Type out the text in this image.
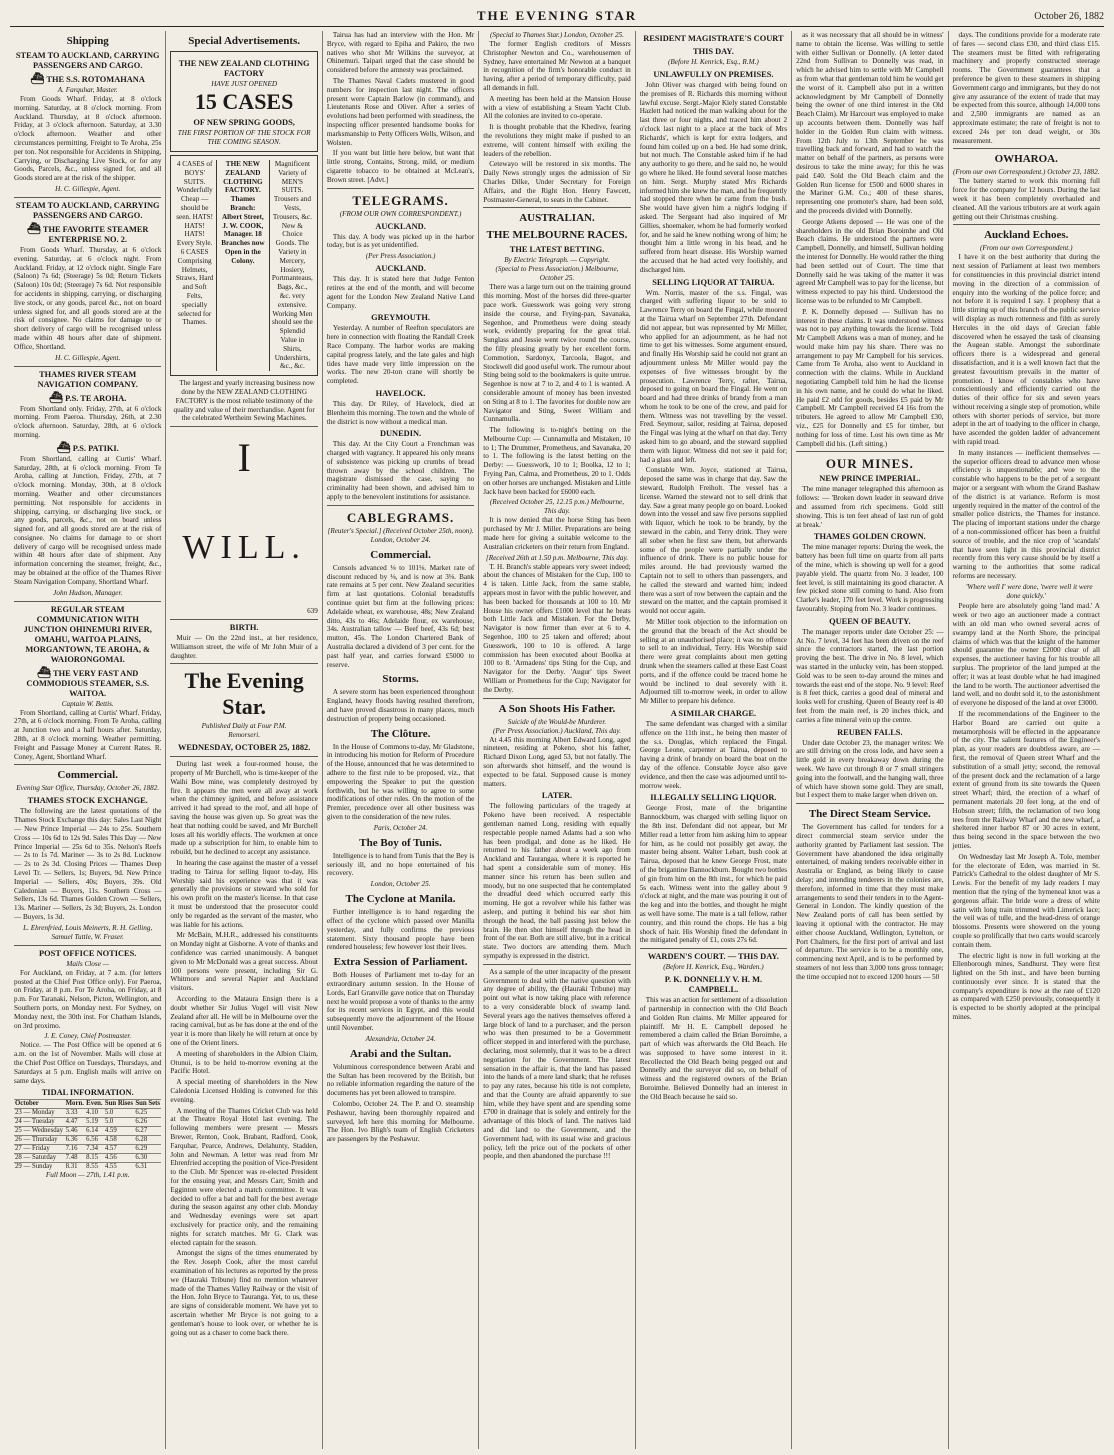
THE EVENING STAR	October 26, 1882
Shipping
STEAM TO AUCKLAND, CARRYING PASSENGERS AND CARGO.
⛴ THE S.S. ROTOMAHANA
A. Farquhar, Master.

From Goods Wharf. Friday, at 8 o'clock morning. Saturday, at 8 o'clock morning. From Auckland. Thursday, at 8 o'clock afternoon. Friday, at 3 o'clock afternoon. Saturday, at 3.30 o'clock afternoon. Weather and other circumstances permitting. Freight to Te Aroha, 25s per ton. Not responsible for Accidents in Shipping, Carrying, or Discharging Live Stock, or for any Goods, Parcels, &c., unless signed for, and all Goods stored are at the risk of the shipper.

H. C. Gillespie, Agent.
STEAM TO AUCKLAND, CARRYING PASSENGERS AND CARGO.
⛴ THE FAVORITE STEAMER ENTERPRISE NO. 2.

From Goods Wharf. Thursday, at 6 o'clock evening. Saturday, at 6 o'clock night. From Auckland. Friday, at 12 o'clock night. Single Fare (Saloon) 7s 6d; (Steerage) 5s 0d; Return Tickets (Saloon) 10s 0d; (Steerage) 7s 6d. Not responsible for accidents in shipping, carrying, or discharging live stock, or any goods, parcel &c., not on board unless signed for, and all goods stored are at the risk of consignee. No claims for damage to or short delivery of cargo will be recognised unless made within 48 hours after date of shipment. Office, Shortland.

H. C. Gillespie, Agent.
THAMES RIVER STEAM NAVIGATION COMPANY.
⛴ P.S. TE AROHA.

From Shortland only. Friday, 27th, at 6 o'clock morning. From Paeroa. Thursday, 26th, at 2.30 o'clock afternoon. Saturday, 28th, at 6 o'clock morning.

⛴ P.S. PATIKI.

From Shortland, calling at Curtis' Wharf. Saturday, 28th, at 6 o'clock morning. From Te Aroha, calling at Junction, Friday, 27th, at 7 o'clock morning. Monday, 30th, at 8 o'clock morning. Weather and other circumstances permitting. Not responsible for accidents in shipping, carrying, or discharging live stock, or any goods, parcels, &c., not on board unless signed for, and all goods stored are at the risk of consignee. No claims for damage to or short delivery of cargo will be recognised unless made within 48 hours after date of shipment. Any information concerning the steamer, freight, &c., may be obtained at the office of the Thames River Steam Navigation Company, Shortland Wharf.

John Hudson, Manager.
REGULAR STEAM COMMUNICATION WITH JUNCTION OHINEMURI RIVER, OMAHU, WAITOA PLAINS, MORGANTOWN, TE AROHA, & WAIORONGOMAI.
⛴ THE VERY FAST AND COMMODIOUS STEAMER, S.S. WAITOA.
Captain W. Bettis.

From Shortland, calling at Curtis' Wharf. Friday, 27th, at 6 o'clock morning. From Te Aroha, calling at Junction two and a half hours after. Saturday, 28th, at 8 o'clock morning. Weather permitting. Freight and Passage Money at Current Rates. R. Coney, Agent, Shortland Wharf.

Commercial.
Evening Star Office, Thursday, October 26, 1882.
THAMES STOCK EXCHANGE.

The following are the latest quotations of the Thames Stock Exchange this day: Sales Last Night — New Prince Imperial — 24s to 25s. Southern Cross — 10s 6d to 12s 9d. Sales This Day — New Prince Imperial — 25s 6d to 35s. Nelson's Reefs — 2s to 1s 7d. Mariner — 3s to 2s 8d. Lucknow — 2s to 2s 3d. Closing Prices — Thames Deep Level Tr. — Sellers, 1s; Buyers, 9d. New Prince Imperial — Sellers, 40s; Buyers, 39s. Old Caledonian — Buyers, 11s. Southern Cross — Sellers, 13s 6d. Thames Golden Crown — Sellers, 13s. Mariner — Sellers, 2s 3d; Buyers, 2s. London — Buyers, 1s 3d.

L. Ehrenfried, Louis Meinerts, R. H. Gelling, Samuel Tuttle, W. Fraser.
POST OFFICE NOTICES.
Mails Close —

For Auckland, on Friday, at 7 a.m. (for letters posted at the Chief Post Office only). For Paeroa, on Friday, at 8 p.m. For Te Aroha, on Friday, at 8 p.m. For Taranaki, Nelson, Picton, Wellington, and Southern ports, on Monday next. For Sydney, on Monday next, the 30th inst. For Chatham Islands, on 3rd proximo.

J. E. Coney, Chief Postmaster.

Notice. — The Post Office will be opened at 6 a.m. on the 1st of November. Mails will close at the Chief Post Office on Tuesdays, Thursdays, and Saturdays at 5 p.m. English mails will arrive on same days.

TIDAL INFORMATION.
October	Morn.	Even.	Sun Rises	Sun Sets
23 — Monday	3.33	4.10	5.0	6.25
24 — Tuesday	4.47	5.19	5.0	6.26
25 — Wednesday	5.46	6.14	4.59	6.27
26 — Thursday	6.36	6.56	4.58	6.28
27 — Friday	7.16	7.34	4.57	6.29
28 — Saturday	7.48	8.15	4.56	6.30
29 — Sunday	8.31	8.55	4.55	6.31
Full Moon — 27th, 1.41 p.m.
Special Advertisements.
THE NEW ZEALAND CLOTHING FACTORY
HAVE JUST OPENED
15 CASES
OF NEW SPRING GOODS,
THE FIRST PORTION OF THE STOCK FOR THE COMING SEASON.
4 CASES of BOYS' SUITS. Wonderfully Cheap — should be seen. HATS! HATS! HATS! Every Style. 6 CASES Comprising Helmets, Straws, Hard and Soft Felts, specially selected for Thames.
THE NEW ZEALAND CLOTHING FACTORY. Thames Branch: Albert Street, J. W. COOK, Manager. 18 Branches now Open in the Colony.
Magnificent Variety of MEN'S SUITS. Trousers and Vests, Trousers, &c. New & Choice Goods. The Variety in Mercery, Hosiery, Portmanteaus, Bags, &c., &c. very extensive. Working Men should see the Splendid Value in Shirts, Undershirts, &c., &c.

The largest and yearly increasing business now done by the NEW ZEALAND CLOTHING FACTORY is the most reliable testimony of the quality and value of their merchandise. Agent for the celebrated Wertheim Sewing Machines.

I
WILL.
639
BIRTH.

Muir — On the 22nd inst., at her residence, Williamson street, the wife of Mr John Muir of a daughter.

The Evening Star.
Published Daily at Four P.M.
Remorseri.
WEDNESDAY, OCTOBER 25, 1882.

During last week a four-roomed house, the property of Mr Burchell, who is time-keeper of the Waihi Bow mine, was completely destroyed by fire. It appears the men were all away at work when the chimney ignited, and before assistance arrived it had spread to the roof, and all hope of saving the house was given up. So great was the heat that nothing could be saved, and Mr Burchell loses all his worldly effects. The workmen at once made up a subscription for him, to enable him to rebuild, but he declined to accept any assistance.

In hearing the case against the master of a vessel trading to Tairua for selling liquor to-day, His Worship said his experience was that it was generally the provisions or steward who sold for his own profit on the master's license. In that case it must be understood that the prosecutor could only be regarded as the servant of the master, who was liable for his actions.

Mr McBain, M.H.R., addressed his constituents on Monday night at Gisborne. A vote of thanks and confidence was carried unanimously. A banquet given to Mr McDonald was a great success. About 100 persons were present, including Sir G. Whitmore and several Napier and Auckland visitors.

According to the Mataura Ensign there is a doubt whether Sir Julius Vogel will visit New Zealand after all. He will be in Melbourne over the racing carnival, but as he has done at the end of the year it is more than likely he will return at once by one of the Orient liners.

A meeting of shareholders in the Albion Claim, Otunui, is to be held to-morrow evening at the Pacific Hotel.

A special meeting of shareholders in the New Caledonia Licensed Holding is convened for this evening.

A meeting of the Thames Cricket Club was held at the Theatre Royal Hotel last evening. The following members were present — Messrs Brewer, Renton, Cook, Brabant, Radford, Cook, Farquhar, Pearce, Andrews, Delahunty, Stadden, John and Newman. A letter was read from Mr Ehrenfried accepting the position of Vice-President to the Club. Mr Spencer was re-elected President for the ensuing year, and Messrs Carr, Smith and Egginton were elected a match committee. It was decided to offer a bat and ball for the best average during the season against any other club. Monday and Wednesday evenings were set apart exclusively for practice only, and the remaining nights for scratch matches. Mr G. Clark was elected captain for the season.

Amongst the signs of the times enumerated by the Rev. Joseph Cook, after the most careful examination of his lectures as reported by the press we (Hauraki Tribune) find no mention whatever made of the Thames Valley Railway or the visit of the Hon. John Bryce to Tauranga. Yet, to us, these are signs of considerable moment. We have yet to ascertain whether Mr Bryce is not going to a gentleman's house to look over, or whether he is going out as a chaser to come back there.

Tairua has had an interview with the Hon. Mr Bryce, with regard to Epiha and Pakiro, the two natives who shot Mr Wilkins the surveyor, at Ohinemuri. Taipari urged that the case should be considered before the amnesty was proclaimed.

The Thames Naval Cadets mustered in good numbers for inspection last night. The officers present were Captain Barlow (in command), and Lieutenants Rose and Oliver. After a series of evolutions had been performed with steadiness, the inspecting officer presented handsome books for marksmanship to Petty Officers Wells, Wilson, and Wolsten.

If you want but little here below, but want that little strong, Contains, Strong, mild, or medium cigarette tobacco to be obtained at McLean's, Brown street. [Advt.]

TELEGRAMS.
(FROM OUR OWN CORRESPONDENT.)
AUCKLAND.

This day. A body was picked up in the harbor today, but is as yet unidentified.

(Per Press Association.)
AUCKLAND.

This day. It is stated here that Judge Fenton retires at the end of the month, and will become agent for the London New Zealand Native Land Company.

GREYMOUTH.

Yesterday. A number of Reefton speculators are here in connection with floating the Randall Creek Race Company. The harbor works are making capital progress lately, and the late gales and high tides have made very little impression on the works. The new 20-ton crane will shortly be completed.

HAVELOCK.

This day. Dr Riley, of Havelock, died at Blenheim this morning. The town and the whole of the district is now without a medical man.

DUNEDIN.

This day. At the City Court a Frenchman was charged with vagrancy. It appeared his only means of subsistence was picking up crumbs of bread thrown away by the school children. The magistrate dismissed the case, saying no criminality had been shown, and advised him to apply to the benevolent institutions for assistance.

CABLEGRAMS.
[Reuter's Special.] (Received October 25th, noon). London, October 24.
Commercial.

Consols advanced ⅛ to 101⅛. Market rate of discount reduced by ⅛, and is now at 3⅛. Bank rate remains at 5 per cent. New Zealand securities firm at last quotations. Colonial breadstuffs continue quiet but firm at the following prices: Adelaide wheat, ex warehouse, 48s; New Zealand ditto, 43s to 46s; Adelaide flour, ex warehouse, 34s. Australian tallow — Beef beef, 43s 6d; best mutton, 45s. The London Chartered Bank of Australia declared a dividend of 3 per cent. for the past half year, and carries forward £5000 to reserve.

Storms.

A severe storm has been experienced throughout England, heavy floods having resulted therefrom, and have proved disastrous in many places, much destruction of property being occasioned.

The Clôture.

In the House of Commons to-day, Mr Gladstone, in introducing his motion for Reform of Procedure of the House, announced that he was determined to adhere to the first rule to be proposed, viz., that empowering the Speaker to put the question forthwith, but he was willing to agree to some modifications of other rules. On the motion of the Premier, precedence over all other business was given to the consideration of the new rules.

Paris, October 24.
The Boy of Tunis.

Intelligence is to hand from Tunis that the Bey is seriously ill, and no hope entertained of his recovery.

London, October 25.
The Cyclone at Manila.

Further intelligence is to hand regarding the effect of the cyclone which passed over Manilla yesterday, and fully confirms the previous statement. Sixty thousand people have been rendered houseless; few however lost their lives.

Extra Session of Parliament.

Both Houses of Parliament met to-day for an extraordinary autumn session. In the House of Lords, Earl Granville gave notice that on Thursday next he would propose a vote of thanks to the army for its recent services in Egypt, and this would subsequently move the adjournment of the House until November.

Alexandria, October 24.
Arabi and the Sultan.

Voluminous correspondence between Arabi and the Sultan has been recovered by the British, but no reliable information regarding the nature of the documents has yet been allowed to transpire.

Colombo, October 24. The P. and O. steamship Peshawur, having been thoroughly repaired and surveyed, left here this morning for Melbourne. The Hon. Ivo Bligh's team of English Cricketers are passengers by the Peshawur.

(Special to Thames Star.) London, October 25.

The former English creditors of Messrs Christopher Newton and Co., warehousemen of Sydney, have entertained Mr Newton at a banquet in recognition of the firm's honorable conduct in having, after a period of temporary difficulty, paid all demands in full.

A meeting has been held at the Mansion House with a view of establishing a Steam Yacht Club. All the colonies are invited to co-operate.

It is thought probable that the Khedive, fearing the revolutions they might make if pushed to an extreme, will content himself with exiling the leaders of the rebellion.

Cetewayo will be restored in six months. The Daily News strongly urges the admission of Sir Charles Dilke, Under Secretary for Foreign Affairs, and the Right Hon. Henry Fawcett, Postmaster-General, to seats in the Cabinet.

AUSTRALIAN.
THE MELBOURNE RACES.
THE LATEST BETTING.
By Electric Telegraph. — Copyright.
(Special to Press Association.) Melbourne, October 25.

There was a large turn out on the training ground this morning. Most of the horses did three-quarter pace work. Guesswork was going very strong inside the course, and Frying-pan, Savanaka, Segenhoe, and Prometheus were doing steady work, evidently preparing for the great trial. Sunglass and Jessie went twice round the course, the filly pleasing greatly by her excellent form. Commotion, Sardonyx, Tarcoola, Bagot, and Stockwell did good useful work. The rumour about Sting being sold to the bookmakers is quite untrue. Segenhoe is now at 7 to 2, and 4 to 1 is wanted. A considerable amount of money has been invested on Sting at 8 to 1. The favorites for double now are Navigator and Sting, Sweet William and Cunnamulla.

The following is to-night's betting on the Melbourne Cup: — Cunnamulla and Mistaken, 10 to 1; The Drummer, Prometheus, and Savanaka, 20 to 1. The following is the latest betting on the Derby: — Guesswork, 10 to 1; Boolka, 12 to 1; Frying Pan, Calma, and Prometheus, 20 to 1. Odds on other horses are unchanged. Mistaken and Little Jack have been backed for £6000 each.

(Received October 25, 12.15 p.m.) Melbourne, This day.

It is now denied that the horse Sting has been purchased by Mr J. Miller. Preparations are being made here for giving a suitable welcome to the Australian cricketers on their return from England.

[Received 26th at 1.50 p.m. Melbourne, This day.

T. H. Branch's stable appears very sweet indeed; about the chances of Mistaken for the Cup, 100 to 4 is taken. Little Jack, from the same stable, appears most in favor with the public however, and has been backed for thousands at 100 to 10. Mr House his owner offers £1000 level that he beats both Little Jack and Mistaken. For the Derby, Navigator is now firmer than ever at 6 to 4. Segenhoe, 100 to 25 taken and offered; about Guesswork, 100 to 10 is offered. A large commission has been executed about Boolka at 100 to 8. 'Armadens' tips Sting for the Cup, and Navigator for the Derby. 'Augur' tips Sweet William or Prometheus for the Cup; Navigator for the Derby.

A Son Shoots His Father.
Suicide of the Would-be Murderer.
(Per Press Association.) Auckland, This day.

At 4.45 this morning Albert Edward Long, aged nineteen, residing at Pokeno, shot his father, Richard Dixon Long, aged 53, but not fatally. The son afterwards shot himself, and the wound is expected to be fatal. Supposed cause is money matters.

LATER.

The following particulars of the tragedy at Pokeno have been received. A respectable gentleman named Long, residing with equally respectable people named Adams had a son who has been prodigal, and done as he liked. He returned to his father about a week ago from Auckland and Taurangaa, where it is reported he had spent a considerable sum of money. His manner since his return has been sullen and moody, but no one suspected that he contemplated the dreadful deed which occurred early this morning. He got a revolver while his father was asleep, and putting it behind his ear shot him through the head, the ball passing just below the brain. He then shot himself through the head in front of the ear. Both are still alive, but in a critical state. Two doctors are attending them. Much sympathy is expressed in the district.

As a sample of the utter incapacity of the present Government to deal with the native question with any degree of ability, the (Hauraki Tribune) may point out what is now taking place with reference to a very considerable block of swamp land. Several years ago the natives themselves offered a large block of land to a purchaser, and the person who was then presumed to be a Government officer stepped in and interfered with the purchase, declaring, most solemnly, that it was to be a direct negotiation for the Government. The latest sensation in the affair is, that the land has passed into the hands of a mere land shark; that he refuses to pay any rates, because his title is not complete, and that the County are afraid apparently to sue him, while they have spent and are spending some £700 in drainage that is solely and entirely for the advantage of this block of land. The natives laid and did land to the Government, and the Government had, with its usual wise and gracious policy, left the price out of the pockets of other people, and then abandoned the purchase !!!

RESIDENT MAGISTRATE'S COURT
THIS DAY.
(Before H. Kenrick, Esq., R.M.)
UNLAWFULLY ON PREMISES.

John Oliver was charged with being found on the premises of R. Richards this morning without lawful excuse. Sergt.-Major Kiely stated Constable Hazlett had noticed the man walking about for the last three or four nights, and traced him about 2 o'clock last night to a place at the back of Mrs Richards', which is kept for extra lodgers, and found him coiled up on a bed. He had some drink, but not much. The Constable asked him if he had any authority to go there, and he said no, he would go where he liked. He found several loose matches on him. Sergt. Murphy stated Mrs Richards informed him she knew the man, and he frequently had stopped there when he came from the bush. She would have given him a night's lodging if asked. The Sergeant had also inquired of Mr Gillies, shoemaker, whom he had formerly worked for, and he said he knew nothing wrong of him; he thought him a little wrong in his head, and he suffered from heart disease. His Worship warned the accused that he had acted very foolishly, and discharged him.

SELLING LIQUOR AT TAIRUA.

Wm. Norris, master of the s.s. Fingal, was charged with suffering liquor to be sold to Lawrence Terry on board the Fingal, while moored at the Tairua wharf on September 27th. Defendant did not appear, but was represented by Mr Miller, who applied for an adjournment, as he had not time to get his witnesses. Some argument ensued, and finally His Worship said he could not grant an adjournment unless Mr Miller would pay the expenses of five witnesses brought by the prosecution. Lawrence Terry, rafter, Tairua, deposed to going on board the Fingal. He went on board and had three drinks of brandy from a man whom he took to be one of the crew, and paid for them. Witness was not travelling by the vessel. Fred. Seymour, sailor, residing at Tairua, deposed the Fingal was lying at the wharf on that day. Terry asked him to go aboard, and the steward supplied them with liquor. Witness did not see it paid for; had a glass and left.

Constable Wm. Joyce, stationed at Tairua, deposed the same was in charge that day. Saw the steward, Rudolph Freiholt. The vessel has a license. Warned the steward not to sell drink that day. Saw a great many people go on board. Looked down into the vessel and saw five persons supplied with liquor, which he took to be brandy, by the steward in the cabin, and Terry drink. They were all sober when he first saw them, but afterwards some of the people were partially under the influence of drink. There is no public house for miles around. He had previously warned the Captain not to sell to others than passengers, and he called the steward and warned him; indeed there was a sort of row between the captain and the steward on the matter, and the captain promised it would not occur again.

Mr Miller took objection to the information on the ground that the breach of the Act should be selling at an unauthorised place; it was no offence to sell to an individual, Terry. His Worship said there were great complaints about men getting drunk when the steamers called at these East Coast ports, and if the offence could be traced home he would be inclined to deal severely with it. Adjourned till to-morrow week, in order to allow Mr Miller to prepare his defence.

A SIMILAR CHARGE.

The same defendant was charged with a similar offence on the 11th inst., he being then master of the s.s. Douglas, which replaced the Fingal. George Leone, carpenter at Tairua, deposed to having a drink of brandy on board the boat on the day of the offence. Constable Joyce also gave evidence, and then the case was adjourned until to-morrow week.

ILLEGALLY SELLING LIQUOR.

George Frost, mate of the brigantine Bannockburn, was charged with selling liquor on the 8th inst. Defendant did not appear, but Mr Miller read a letter from him asking him to appear for him, as he could not possibly get away, the master being absent. Walter Lebart, bush cook at Tairua, deposed that he knew George Frost, mate of the brigantine Bannockburn. Bought two bottles of gin from him on the 8th inst., for which he paid 5s each. Witness went into the galley about 9 o'clock at night, and the mate was pouring it out of the keg and into the bottles, and thought he might as well have some. The mate is a tall fellow, rather country, and thin round the chops. He has a big shock of hair. His Worship fined the defendant in the mitigated penalty of £1, costs 27s 6d.

WARDEN'S COURT. — THIS DAY.
(Before H. Kenrick, Esq., Warden.)
P. K. DONNELLY V. H. M. CAMPBELL.

This was an action for settlement of a dissolution of partnership in connection with the Old Beach and Golden Run claims. Mr Miller appeared for plaintiff. Mr H. E. Campbell deposed he remembered a claim called the Brian Boroimhe, a part of which was afterwards the Old Beach. He was supposed to have some interest in it. Recollected the Old Beach being pegged out and Donnelly and the surveyor did so, on behalf of witness and the registered owners of the Brian Boroimhe. Believed Donnelly had an interest in the Old Beach because he said so.

as it was necessary that all should be in witness' name to obtain the license. Was willing to settle with either Sullivan or Donnelly. (A letter dated 22nd from Sullivan to Donnelly was read, in which he advised him to settle with Mr Campbell as from what that gentleman told him he would get the worst of it. Campbell also put in a written acknowledgment by Mr Campbell of Donnelly being the owner of one third interest in the Old Beach Claim). Mr Harcourt was employed to make up accounts between them. Donnelly was half holder in the Golden Run claim with witness. From 12th July to 13th September he was travelling back and forward, and had to watch the matter on behalf of the partners, as persons were desirous to take the mine away; for this he was paid £40. Sold the Old Beach claim and the Golden Run license for £500 and 6000 shares in the Mariner G.M. Co.; 400 of these shares, representing one promoter's share, had been sold, and the proceeds divided with Donnelly.

George Atkens deposed — He was one of the shareholders in the old Brian Boroimhe and Old Beach claims. He understood the partners were Campbell, Donnelly, and himself, Sullivan holding the interest for Donnelly. He would rather the thing had been settled out of Court. The time that Donnelly said he was taking of the matter it was agreed Mr Campbell was to pay for the license, but witness expected to pay his third. Understood the license was to be refunded to Mr Campbell.

P. K. Donnelly deposed — Sullivan has no interest in these claims. It was understood witness was not to pay anything towards the license. Told Mr Campbell Atkens was a man of money, and he would make him pay his share. There was no arrangement to pay Mr Campbell for his services. Came from Te Aroha, also went to Auckland in connection with the claims. While in Auckland negotiating Campbell told him he had the license in his own name, and he could do what he liked. He paid £2 odd for goods, besides £5 paid by Mr Campbell. Mr Campbell received £4 16s from the tributers. He agreed to allow Mr Campbell £30, viz., £25 for Donnelly and £5 for timber, but nothing for loss of time. Lost his own time as Mr Campbell did his. (Left sitting.)

OUR MINES.
NEW PRINCE IMPERIAL.

The mine manager telegraphed this afternoon as follows: — 'Broken down leader in seaward drive and assumed from rich specimens. Gold still showing. This is ten feet ahead of last run of gold at break.'

THAMES GOLDEN CROWN.

The mine manager reports: During the week, the battery has been full time on quartz from all parts of the mine, which is showing up well for a good payable yield. The quartz from No. 3 leader, 100 feet level, is still maintaining its good character. A few picked stone still coming to hand. Also from Clarke's leader, 170 feet level. Work is progressing favourably. Stoping from No. 3 leader continues.

QUEEN OF BEAUTY.

The manager reports under date October 25: — At No. 7 level, 34 feet has been driven on the reef since the contractors started, the last portion proving the best. The drive in No. 8 level, which was started in the unlucky vein, has been stopped. Gold was to be seen to-day around the mines and towards the east end of the stope. No. 9 level: Reef is 8 feet thick, carries a good deal of mineral and looks well for crushing. Queen of Beauty reef is 40 feet from the main reef, is 20 inches thick, and carries a fine mineral vein up the centre.

REUBEN FALLS.

Under date October 23, the manager writes: We are still driving on the cross lode, and have seen a little gold in every breakaway down during the week. We have cut through 8 or 7 small stringers going into the footwall, and the hanging wall, three of which have shown some gold. They are small, but I expect them to make larger when driven on.

The Direct Steam Service.

The Government has called for tenders for a direct commercial steam service under the authority granted by Parliament last session. The Government have abandoned the idea originally entertained, of making tenders receivable either in Australia or England, as being likely to cause delay; and intending tenderers in the colonies are, therefore, informed in time that they must make arrangements to send their tenders in to the Agent-General in London. The kindly question of the New Zealand ports of call has been settled by leaving it optional with the contractor. He may either choose Auckland, Wellington, Lyttelton, or Port Chalmers, for the first port of arrival and last of departure. The service is to be a monthly one, commencing next April, and is to be performed by steamers of not less than 3,000 tons gross tonnage; the time occupied not to exceed 1200 hours — 50

days. The conditions provide for a moderate rate of fares — second class £30, and third class £15. The steamers must be fitted with refrigerating machinery and properly constructed steerage rooms. The Government guarantees that a preference be given to these steamers in shipping Government cargo and immigrants, but they do not give any assurance of the extent of trade that may be expected from this source, although 14,000 tons and 2,500 immigrants are named as an approximate estimate; the rate of freight is not to exceed 24s per ton dead weight, or 30s measurement.

OWHAROA.
(From our own Correspondent.) October 23, 1882.

The battery started to work this morning full force for the company for 12 hours. During the last week it has been completely overhauled and cleaned. All the various tributors are at work again getting out their Christmas crushing.

Auckland Echoes.
(From our own Correspondent.)

I have it on the best authority that during the next session of Parliament at least two members for constituencies in this provincial district intend moving in the direction of a commission of enquiry into the working of the police force; and not before it is required I say. I prophesy that a little stirring up of this branch of the public service will display as much rottenness and filth as surely Hercules in the old days of Grecian fable discovered when he essayed the task of cleansing the Augean stable. Amongst the subordinate officers there is a widespread and general dissatisfaction, and it is a well known fact that the greatest favouritism prevails in the matter of promotion. I know of constables who have conscientiously and efficiently carried out the duties of their office for six and seven years without receiving a single step of promotion, while others with shorter periods of service, but more adept in the art of toadying to the officer in charge, have ascended the golden ladder of advancement with rapid tread.

In many instances — inefficient themselves — the superior officers dread to advance men whose efficiency is unquestionable; and woe to the constable who happens to be the pet of a sergeant major or a sergeant with whom the Grand Bashaw of the district is at variance. Reform is most urgently required in the matter of the control of the smaller police districts, the Thames for instance. The placing of important stations under the charge of a non-commissioned officer has been a fruitful source of trouble, and the nice crop of 'scandals' that have seen light in this provincial district recently from this very cause should be by itself a warning to the authorities that some radical reforms are necessary.

'Where well I' were done, 'twere well it were done quickly.'

People here are absolutely going 'land mad.' A week or two ago an auctioneer made a contract with an old man who owned several acres of swampy land at the North Shore, the principal claims of which was that the knight of the hammer should guarantee the owner £2000 clear of all expenses, the auctioneer having for his trouble all surplus. The proprietor of the land jumped at the offer; it was at least double what he had imagined the land to be worth. The auctioneer advertised the land well, and no doubt sold it, to the astonishment of everyone he disposed of the land at over £3000.

If the recommendations of the Engineer to the Harbor Board are carried out quite a metamorphosis will be effected in the appearance of the city. The salient features of the Engineer's plan, as your readers are doubtless aware, are — first, the removal of Queen street Wharf and the substitution of a small jetty; second, the removal of the present dock and the reclamation of a large extent of ground from its site towards the Queen street Wharf; third, the erection of a wharf of permanent materials 20 feet long, at the end of Hobson street; fifth, the reclamation of two long tees from the Railway Wharf and the new wharf, a sheltered inner harbor 87 or 30 acres in extent, thus being second in the space between the two jetties.

On Wednesday last Mr Joseph A. Tole, member for the electorate of Eden, was married in St. Patrick's Cathedral to the oldest daughter of Mr S. Lewis. For the benefit of my lady readers I may mention that the tying of the hymeneal knot was a gorgeous affair. The bride wore a dress of white satin with long train trimmed with Limerick lace; the veil was of tulle, and the head-dress of orange blossoms. Presents were showered on the young couple so prolifically that two carts would scarcely contain them.

The electric light is now in full working at the Ellenborough mines, Sandhurst. They were first lighted on the 5th inst., and have been burning continuously ever since. It is stated that the company's expenditure is now at the rate of £120 as compared with £250 previously, consequently it is expected to be shortly adopted at the principal mines.
